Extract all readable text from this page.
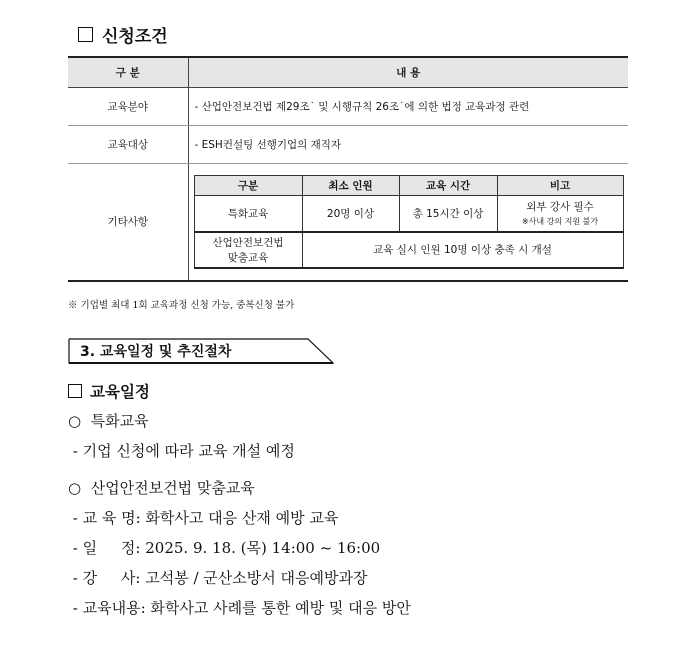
신청조건
구 분	내 용
교육분야	- 산업안전보건법 제29조˙ 및 시행규칙 26조˙에 의한 법정 교육과정 관련
교육대상	- ESH컨설팅 선행기업의 재직자
기타사항	
구분	최소 인원	교육 시간	비고
특화교육	20명 이상	총 15시간 이상	외부 강사 필수
※사내 강의 지원 불가

산업안전보건법
맞춤교육	교육 실시 인원 10명 이상 충족 시 개설
※ 기업별 최대 1회 교육과정 신청 가능, 중복신청 불가
3. 교육일정 및 추진절차
교육일정
○  특화교육
- 기업 신청에 따라 교육 개설 예정
○  산업안전보건법 맞춤교육
- 교 육 명: 화학사고 대응 산재 예방 교육
- 일     정: 2025. 9. 18. (목) 14:00 ~ 16:00
- 강     사: 고석봉 / 군산소방서 대응예방과장
- 교육내용: 화학사고 사례를 통한 예방 및 대응 방안
